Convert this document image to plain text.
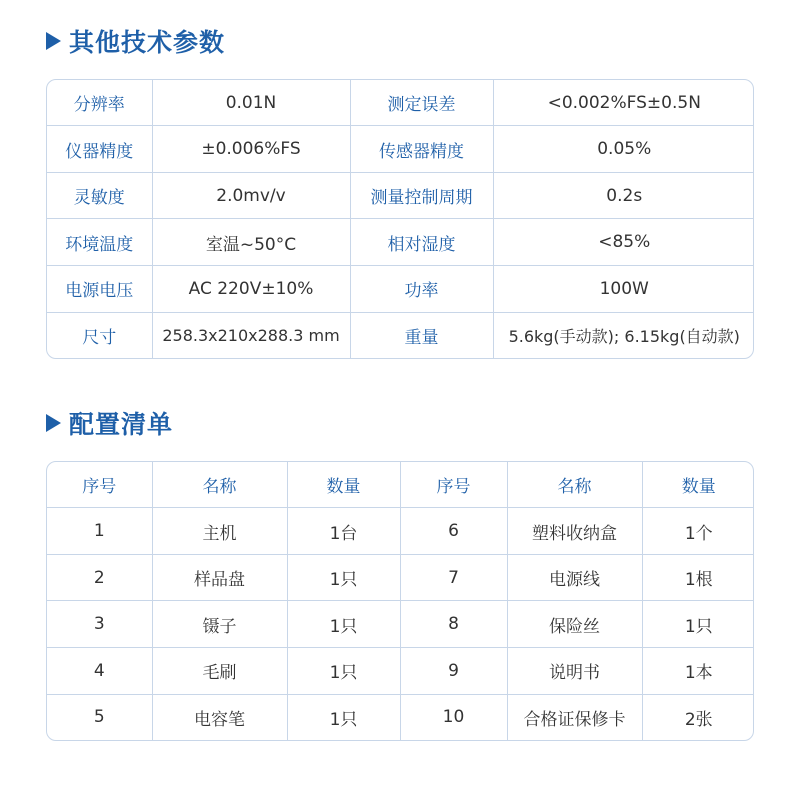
其他技术参数
分辨率	0.01N	测定误差	<0.002%FS±0.5N
仪器精度	±0.006%FS	传感器精度	0.05%
灵敏度	2.0mv/v	测量控制周期	0.2s
环境温度	室温~50°C	相对湿度	<85%
电源电压	AC 220V±10%	功率	100W
尺寸	258.3x210x288.3 mm	重量	5.6kg(手动款); 6.15kg(自动款)
配置清单
序号	名称	数量	序号	名称	数量
1	主机	1台	6	塑料收纳盒	1个
2	样品盘	1只	7	电源线	1根
3	镊子	1只	8	保险丝	1只
4	毛刷	1只	9	说明书	1本
5	电容笔	1只	10	合格证保修卡	2张
